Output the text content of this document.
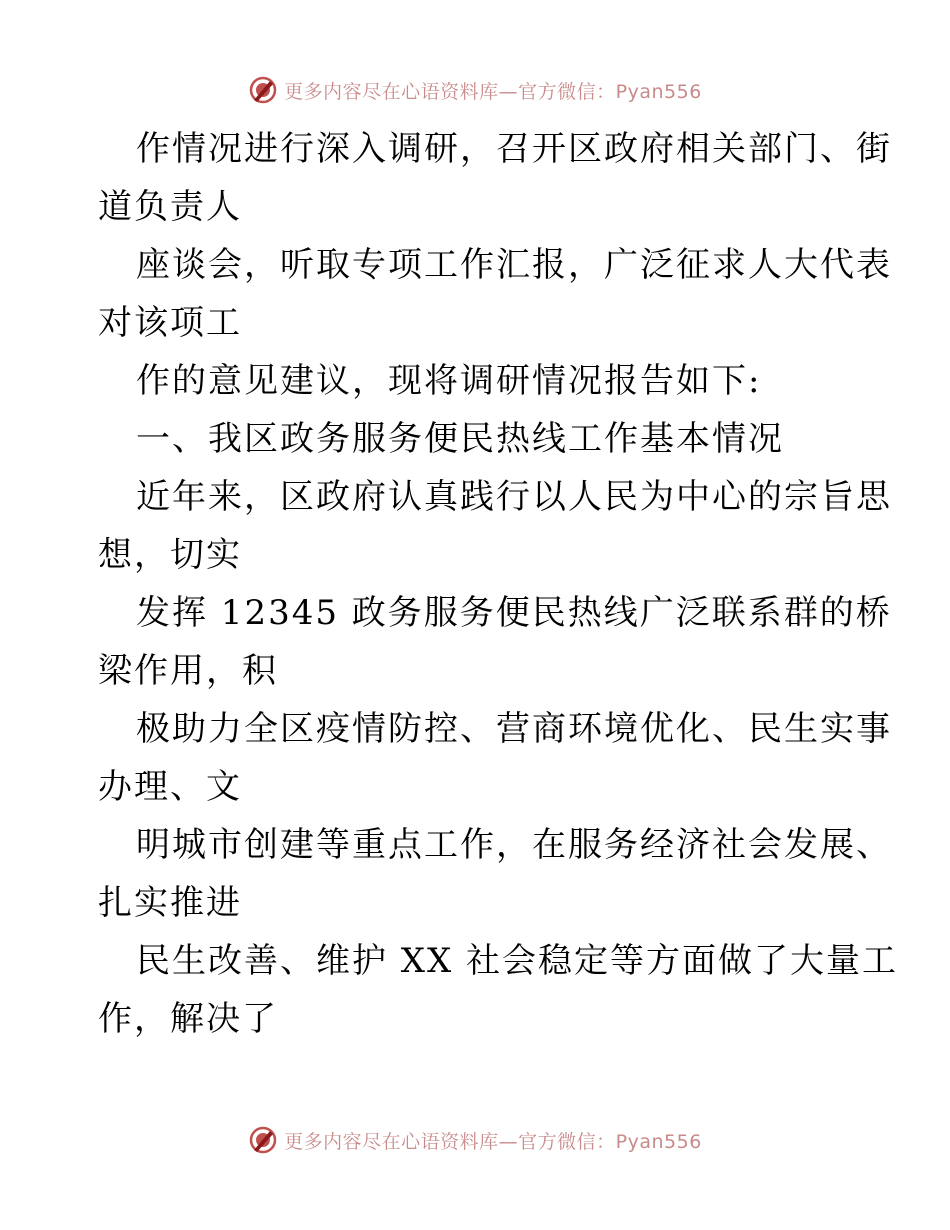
更多内容尽在心语资料库—官方微信：Pyan556
作情况进行深入调研，召开区政府相关部门、街
道负责人
座谈会，听取专项工作汇报，广泛征求人大代表
对该项工
作的意见建议，现将调研情况报告如下:
一、我区政务服务便民热线工作基本情况
近年来，区政府认真践行以人民为中心的宗旨思
想，切实
发挥 12345 政务服务便民热线广泛联系群的桥
梁作用，积
极助力全区疫情防控、营商环境优化、民生实事
办理、文
明城市创建等重点工作，在服务经济社会发展、
扎实推进
民生改善、维护 XX 社会稳定等方面做了大量工
作，解决了
更多内容尽在心语资料库—官方微信：Pyan556
